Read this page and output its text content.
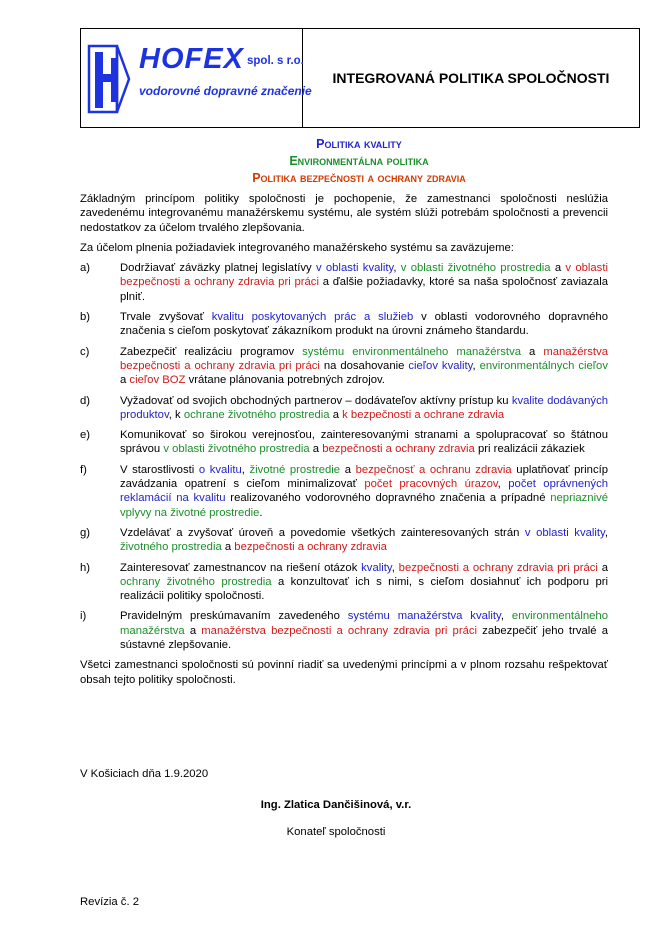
HOFEX spol. s r.o.
vodorovné dopravné značenie
INTEGROVANÁ POLITIKA SPOLOČNOSTI
Politika kvality
Environmentálna politika
Politika bezpečnosti a ochrany zdravia

Základným princípom politiky spoločnosti je pochopenie, že zamestnanci spoločnosti neslúžia zavedenému integrovanému manažérskemu systému, ale systém slúži potrebám spoločnosti a prevencii nedostatkov za účelom trvalého zlepšovania.

Za účelom plnenia požiadaviek integrovaného manažérskeho systému sa zaväzujeme:

a)	Dodržiavať záväzky platnej legislatívy v oblasti kvality, v oblasti životného prostredia a v oblasti bezpečnosti a ochrany zdravia pri práci a ďalšie požiadavky, ktoré sa naša spoločnosť zaviazala plniť.
b)	Trvale zvyšovať kvalitu poskytovaných prác a služieb v oblasti vodorovného dopravného značenia s cieľom poskytovať zákazníkom produkt na úrovni známeho štandardu.
c)	Zabezpečiť realizáciu programov systému environmentálneho manažérstva a manažérstva bezpečnosti a ochrany zdravia pri práci na dosahovanie cieľov kvality, environmentálnych cieľov a cieľov BOZ vrátane plánovania potrebných zdrojov.
d)	Vyžadovať od svojich obchodných partnerov – dodávateľov aktívny prístup ku kvalite dodávaných produktov, k ochrane životného prostredia a k bezpečnosti a ochrane zdravia
e)	Komunikovať so širokou verejnosťou, zainteresovanými stranami a spolupracovať so štátnou správou v oblasti životného prostredia a bezpečnosti a ochrany zdravia pri realizácii zákaziek
f)	V starostlivosti o kvalitu, životné prostredie a bezpečnosť a ochranu zdravia uplatňovať princíp zavádzania opatrení s cieľom minimalizovať počet pracovných úrazov, počet oprávnených reklamácií na kvalitu realizovaného vodorovného dopravného značenia a prípadné nepriaznivé vplyvy na životné prostredie.
g)	Vzdelávať a zvyšovať úroveň a povedomie všetkých zainteresovaných strán v oblasti kvality, životného prostredia a bezpečnosti a ochrany zdravia
h)	Zainteresovať zamestnancov na riešení otázok kvality, bezpečnosti a ochrany zdravia pri práci a ochrany životného prostredia a konzultovať ich s nimi, s cieľom dosiahnuť ich podporu pri realizácii politiky spoločnosti.
i)	Pravidelným preskúmavaním zavedeného systému manažérstva kvality, environmentálneho manažérstva a manažérstva bezpečnosti a ochrany zdravia pri práci zabezpečiť jeho trvalé a sústavné zlepšovanie.

Všetci zamestnanci spoločnosti sú povinní riadiť sa uvedenými princípmi a v plnom rozsahu rešpektovať obsah tejto politiky spoločnosti.

V Košiciach dňa 1.9.2020
Ing. Zlatica Dančišinová, v.r.
Konateľ spoločnosti
Revízia č. 2
